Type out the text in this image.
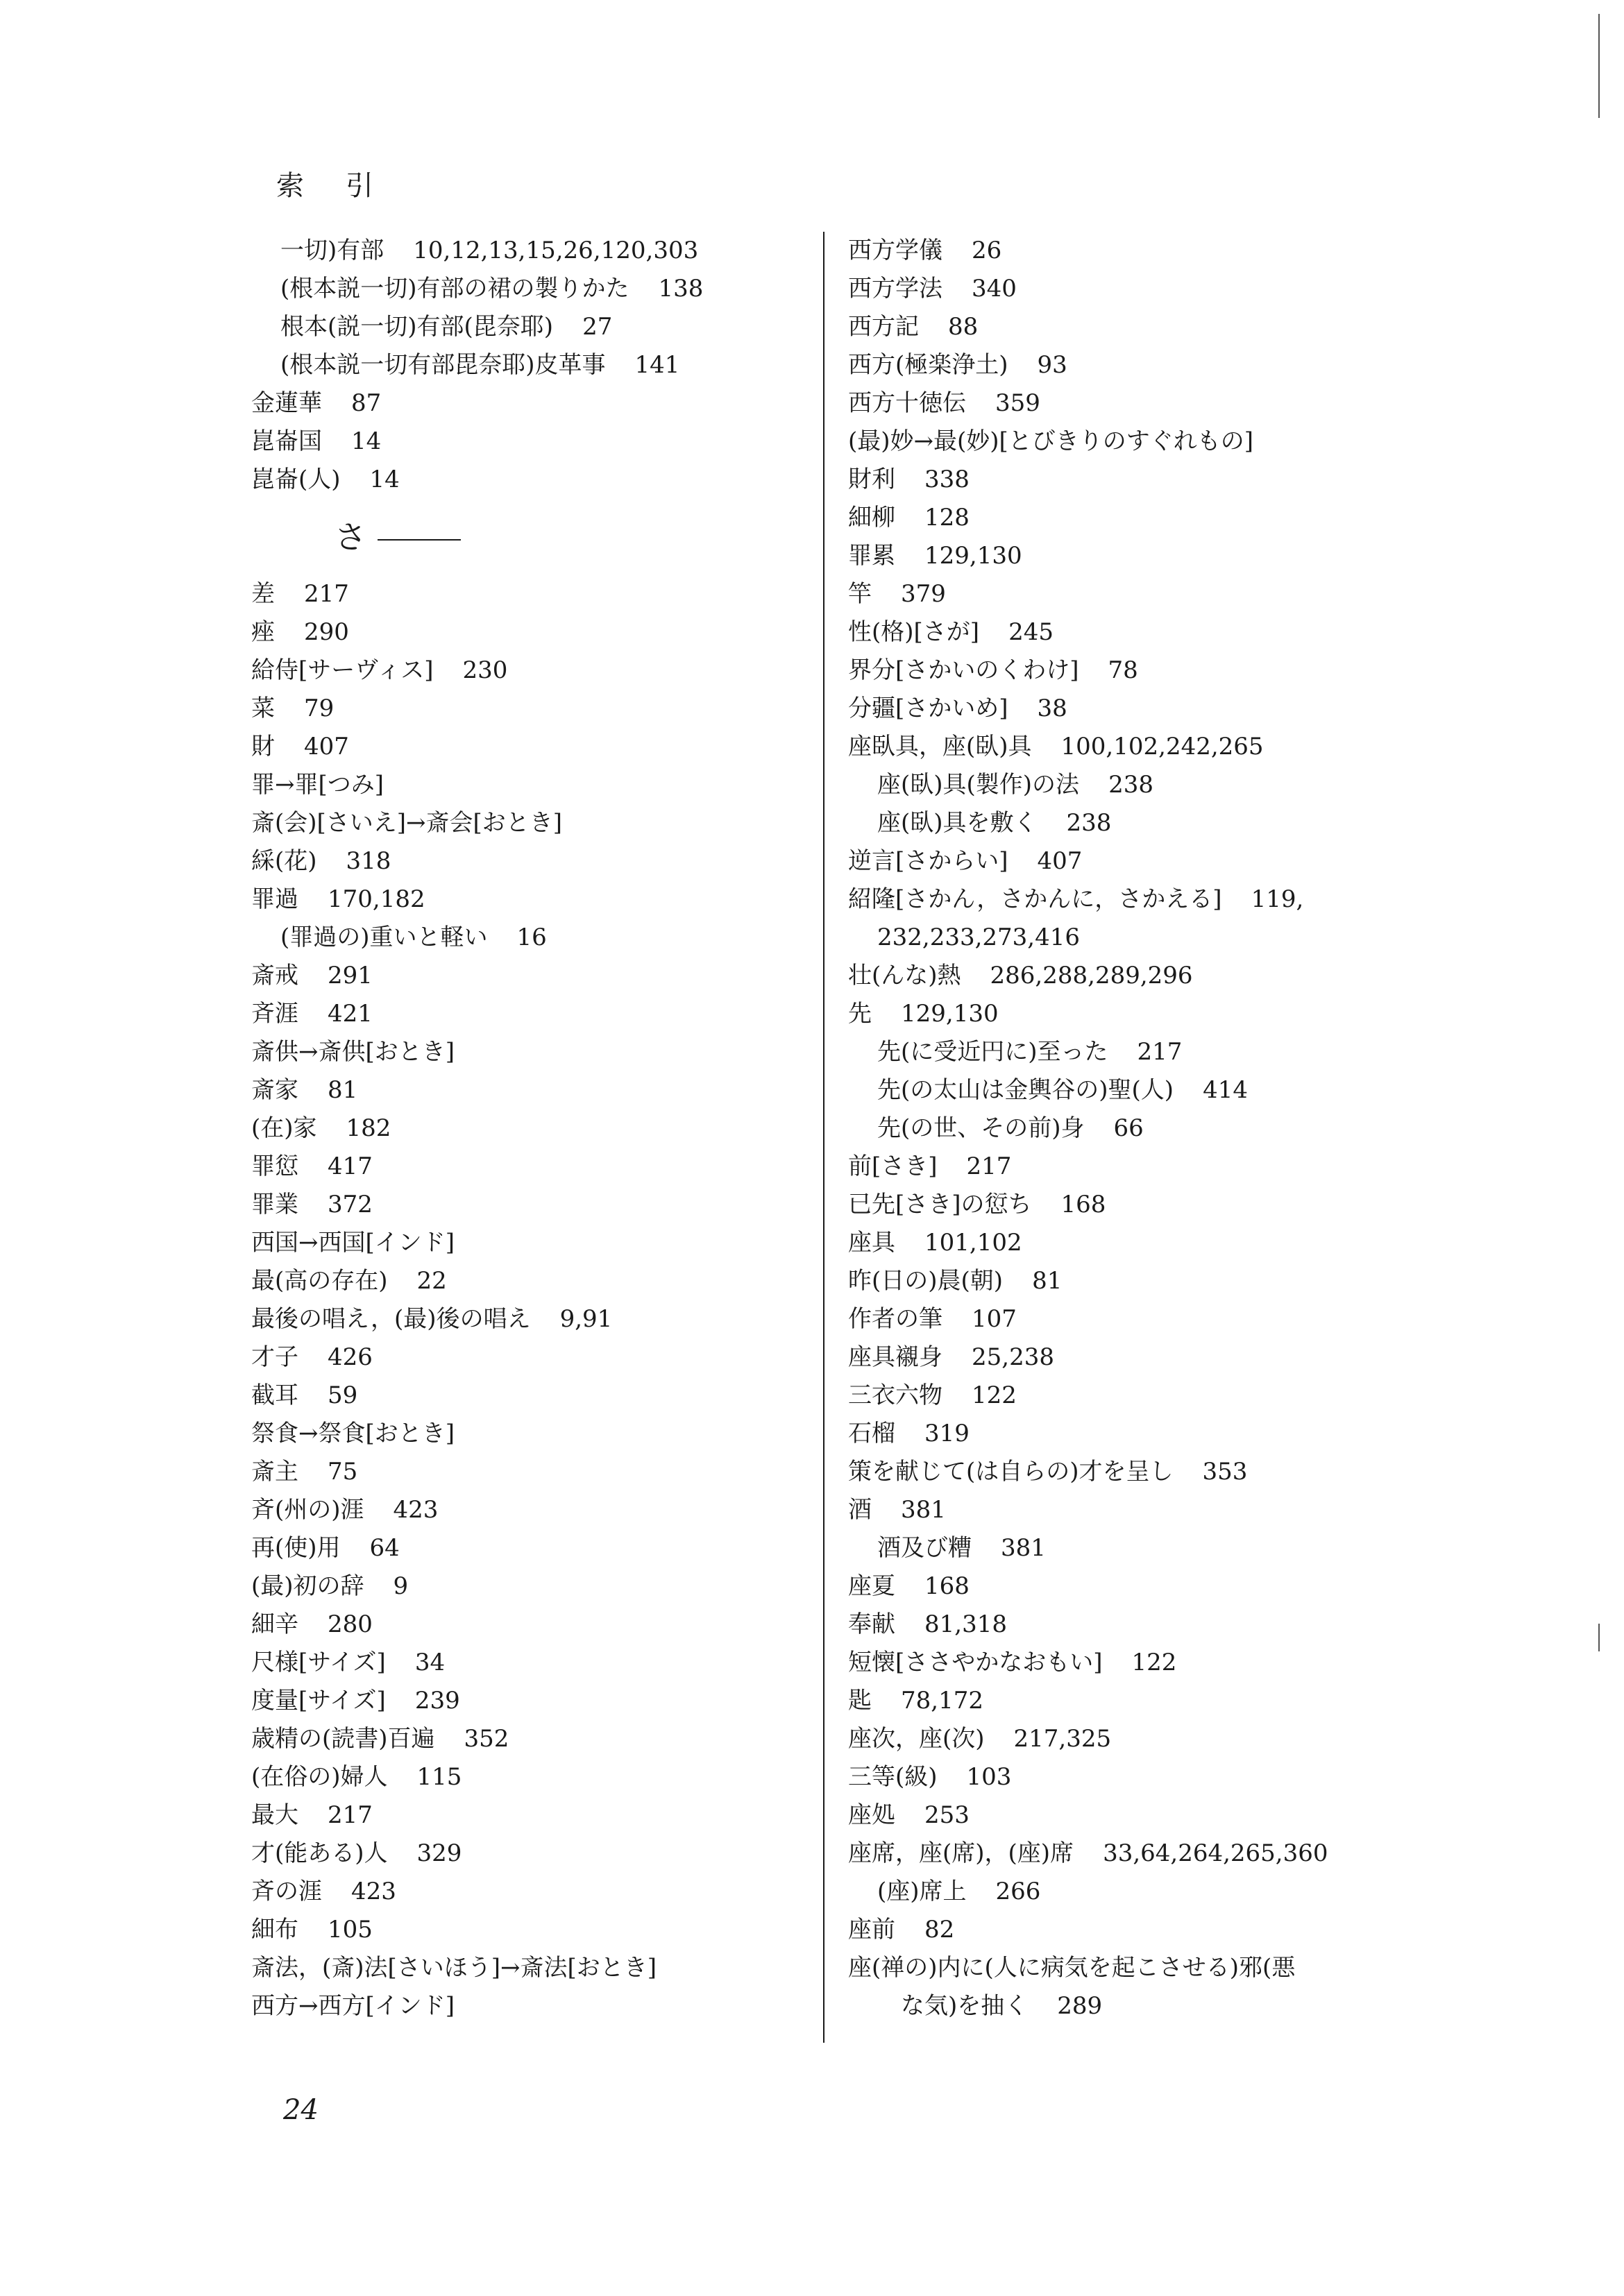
索引
一切)有部 10,12,13,15,26,120,303
(根本説一切)有部の裙の製りかた 138
根本(説一切)有部(毘奈耶) 27
(根本説一切有部毘奈耶)皮革事 141
金蓮華 87
崑崙国 14
崑崙(人) 14
さ
差 217
痤 290
給侍[サーヴィス] 230
菜 79
財 407
罪→罪[つみ]
斎(会)[さいえ]→斎会[おとき]
綵(花) 318
罪過 170,182
(罪過の)重いと軽い 16
斎戒 291
斉涯 421
斎供→斎供[おとき]
斎家 81
(在)家 182
罪愆 417
罪業 372
西国→西国[インド]
最(高の存在) 22
最後の唱え，(最)後の唱え 9,91
才子 426
截耳 59
祭食→祭食[おとき]
斎主 75
斉(州の)涯 423
再(使)用 64
(最)初の辞 9
細辛 280
尺様[サイズ] 34
度量[サイズ] 239
歳精の(読書)百遍 352
(在俗の)婦人 115
最大 217
才(能ある)人 329
斉の涯 423
細布 105
斎法，(斎)法[さいほう]→斎法[おとき]
西方→西方[インド]
西方学儀 26
西方学法 340
西方記 88
西方(極楽浄土) 93
西方十徳伝 359
(最)妙→最(妙)[とびきりのすぐれもの]
財利 338
細柳 128
罪累 129,130
竿 379
性(格)[さが] 245
界分[さかいのくわけ] 78
分疆[さかいめ] 38
座臥具，座(臥)具 100,102,242,265
座(臥)具(製作)の法 238
座(臥)具を敷く 238
逆言[さからい] 407
紹隆[さかん，さかんに，さかえる] 119,
232,233,273,416
壮(んな)熱 286,288,289,296
先 129,130
先(に受近円に)至った 217
先(の太山は金輿谷の)聖(人) 414
先(の世、その前)身 66
前[さき] 217
已先[さき]の愆ち 168
座具 101,102
昨(日の)晨(朝) 81
作者の筆 107
座具襯身 25,238
三衣六物 122
石榴 319
策を献じて(は自らの)才を呈し 353
酒 381
酒及び糟 381
座夏 168
奉献 81,318
短懐[ささやかなおもい] 122
匙 78,172
座次，座(次) 217,325
三等(級) 103
座処 253
座席，座(席)，(座)席 33,64,264,265,360
(座)席上 266
座前 82
座(禅の)内に(人に病気を起こさせる)邪(悪
な気)を抽く 289
24
